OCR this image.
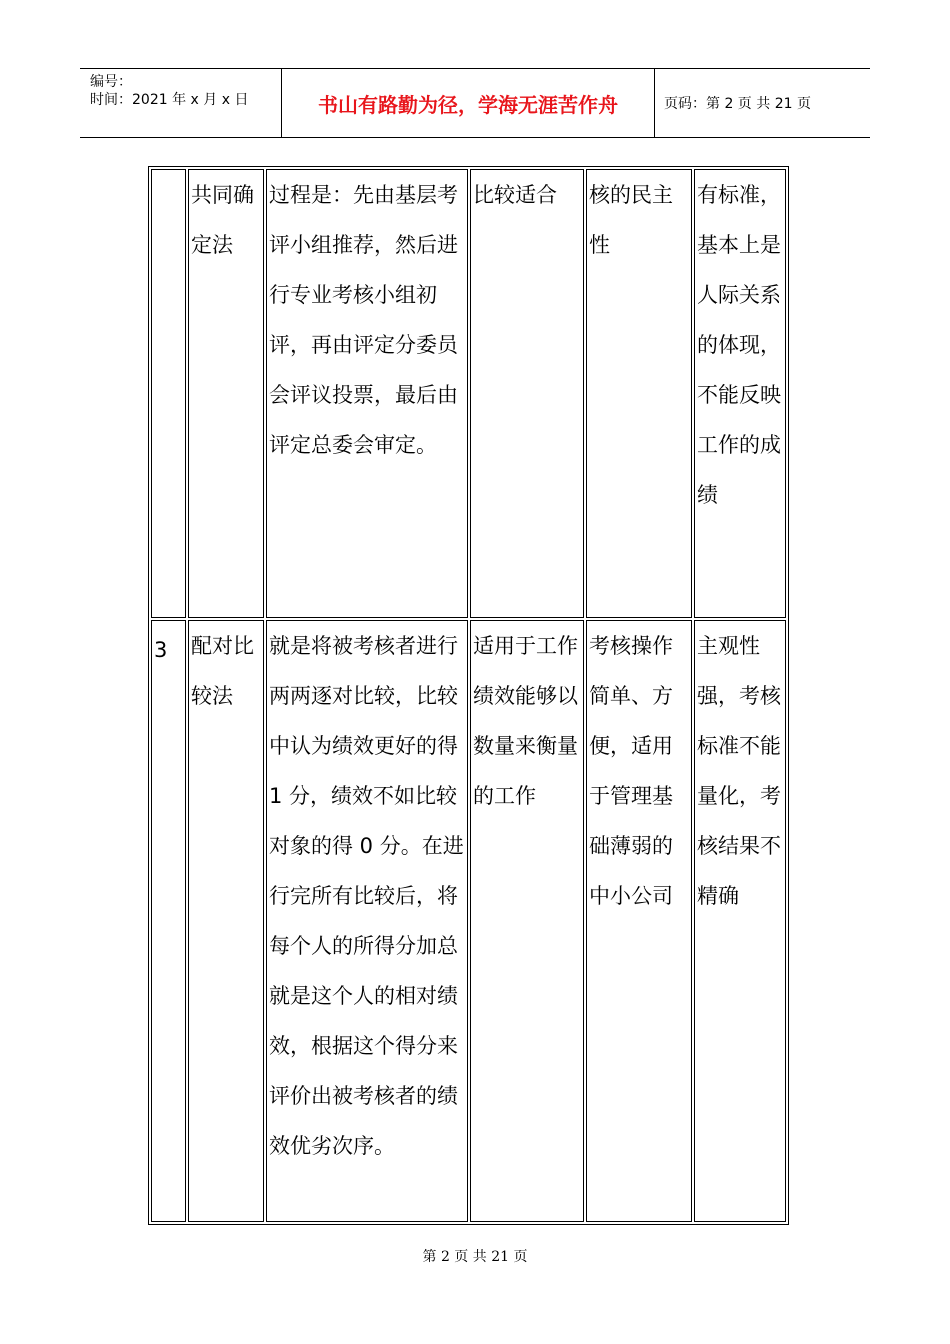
编号：
时间：2021 年 x 月 x 日	书山有路勤为径，学海无涯苦作舟	页码：第 2 页 共 21 页
	共同确定法	过程是：先由基层考评小组推荐，然后进行专业考核小组初评，再由评定分委员会评议投票，最后由评定总委会审定。	比较适合	核的民主性	有标准，基本上是人际关系的体现，不能反映工作的成绩
3	配对比较法	就是将被考核者进行两两逐对比较，比较中认为绩效更好的得 1 分，绩效不如比较对象的得 0 分。在进行完所有比较后，将每个人的所得分加总就是这个人的相对绩效，根据这个得分来评价出被考核者的绩效优劣次序。	适用于工作绩效能够以数量来衡量的工作	考核操作简单、方便，适用于管理基础薄弱的中小公司	主观性强，考核标准不能量化，考核结果不精确
第 2 页 共 21 页
